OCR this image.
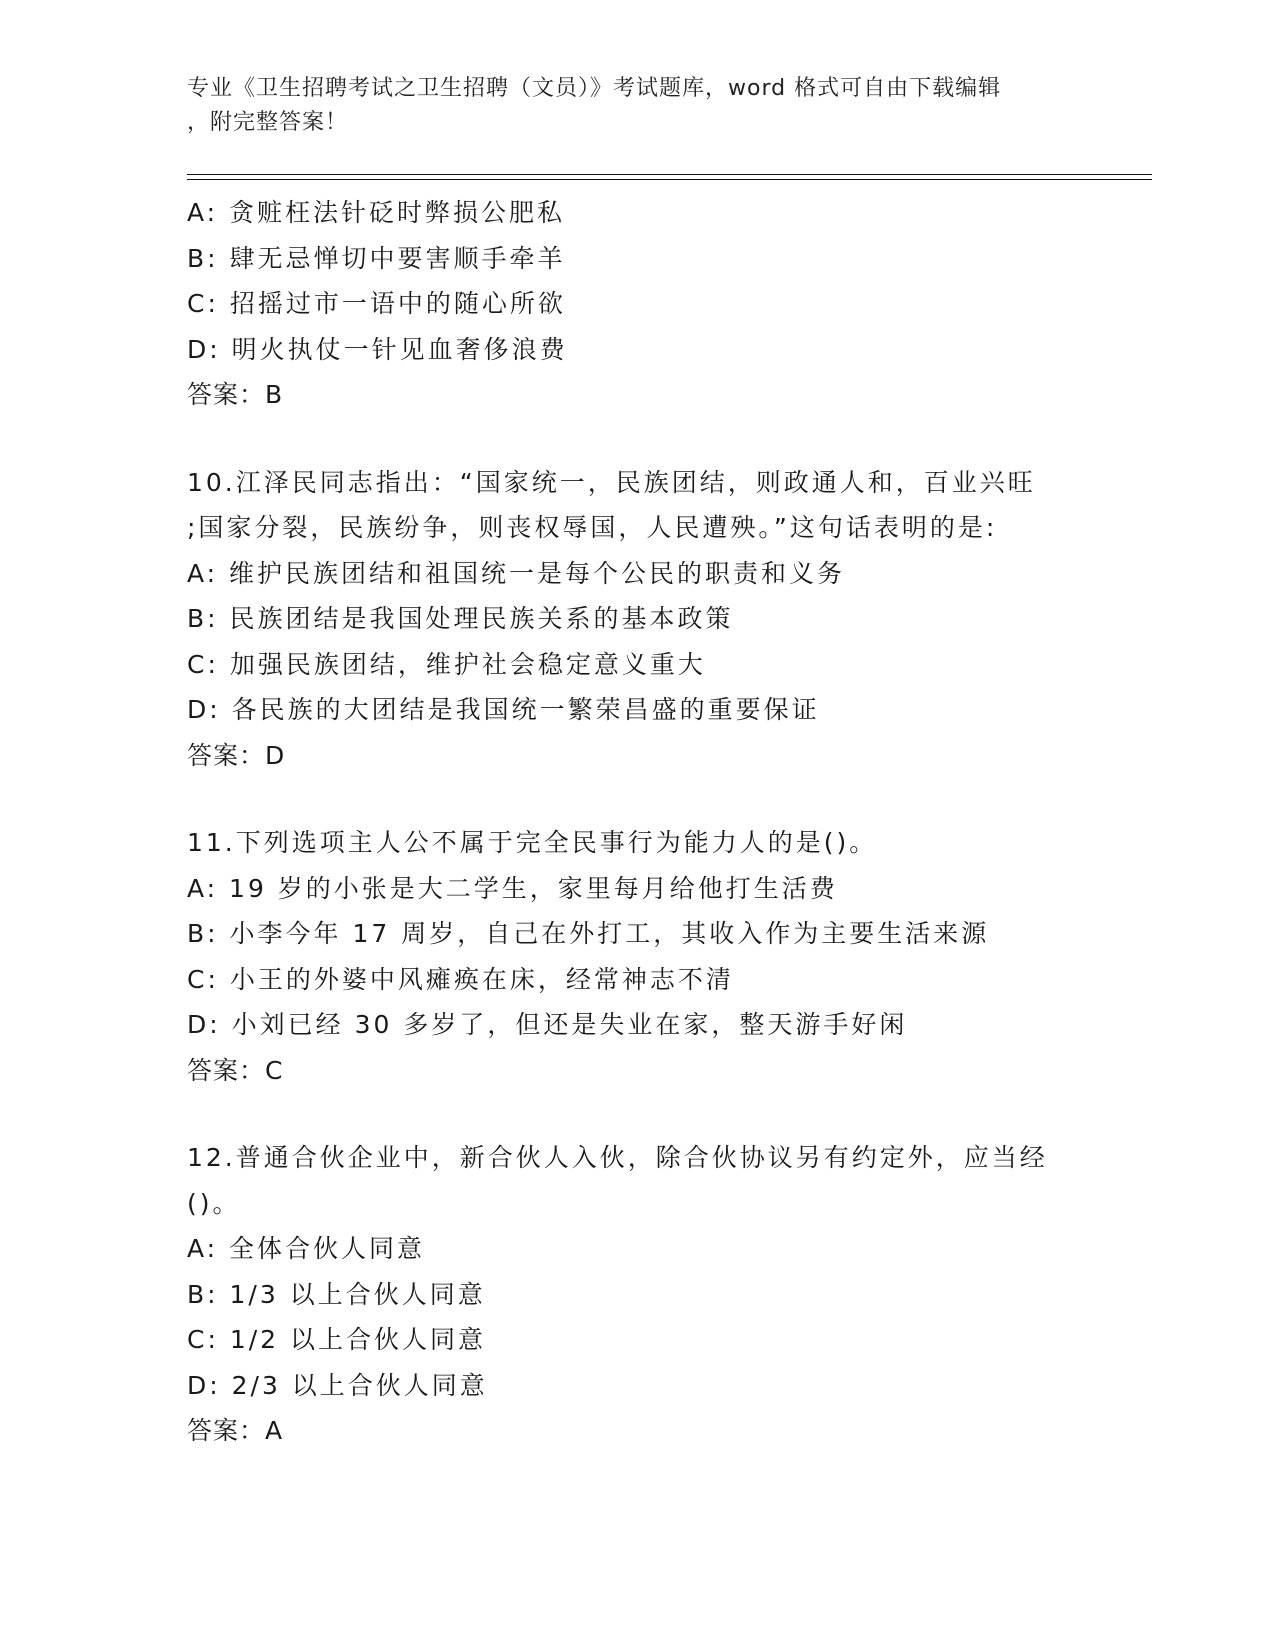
专业《卫生招聘考试之卫生招聘（文员）》考试题库，word 格式可自由下载编辑
，附完整答案！
A: 贪赃枉法针砭时弊损公肥私
B: 肆无忌惮切中要害顺手牵羊
C: 招摇过市一语中的随心所欲
D: 明火执仗一针见血奢侈浪费
答案：B
10.江泽民同志指出：“国家统一，民族团结，则政通人和，百业兴旺
;国家分裂，民族纷争，则丧权辱国，人民遭殃。”这句话表明的是:
A: 维护民族团结和祖国统一是每个公民的职责和义务
B: 民族团结是我国处理民族关系的基本政策
C: 加强民族团结，维护社会稳定意义重大
D: 各民族的大团结是我国统一繁荣昌盛的重要保证
答案：D
11.下列选项主人公不属于完全民事行为能力人的是()。
A: 19 岁的小张是大二学生，家里每月给他打生活费
B: 小李今年 17 周岁，自己在外打工，其收入作为主要生活来源
C: 小王的外婆中风瘫痪在床，经常神志不清
D: 小刘已经 30 多岁了，但还是失业在家，整天游手好闲
答案：C
12.普通合伙企业中，新合伙人入伙，除合伙协议另有约定外，应当经
()。
A: 全体合伙人同意
B: 1/3 以上合伙人同意
C: 1/2 以上合伙人同意
D: 2/3 以上合伙人同意
答案：A
